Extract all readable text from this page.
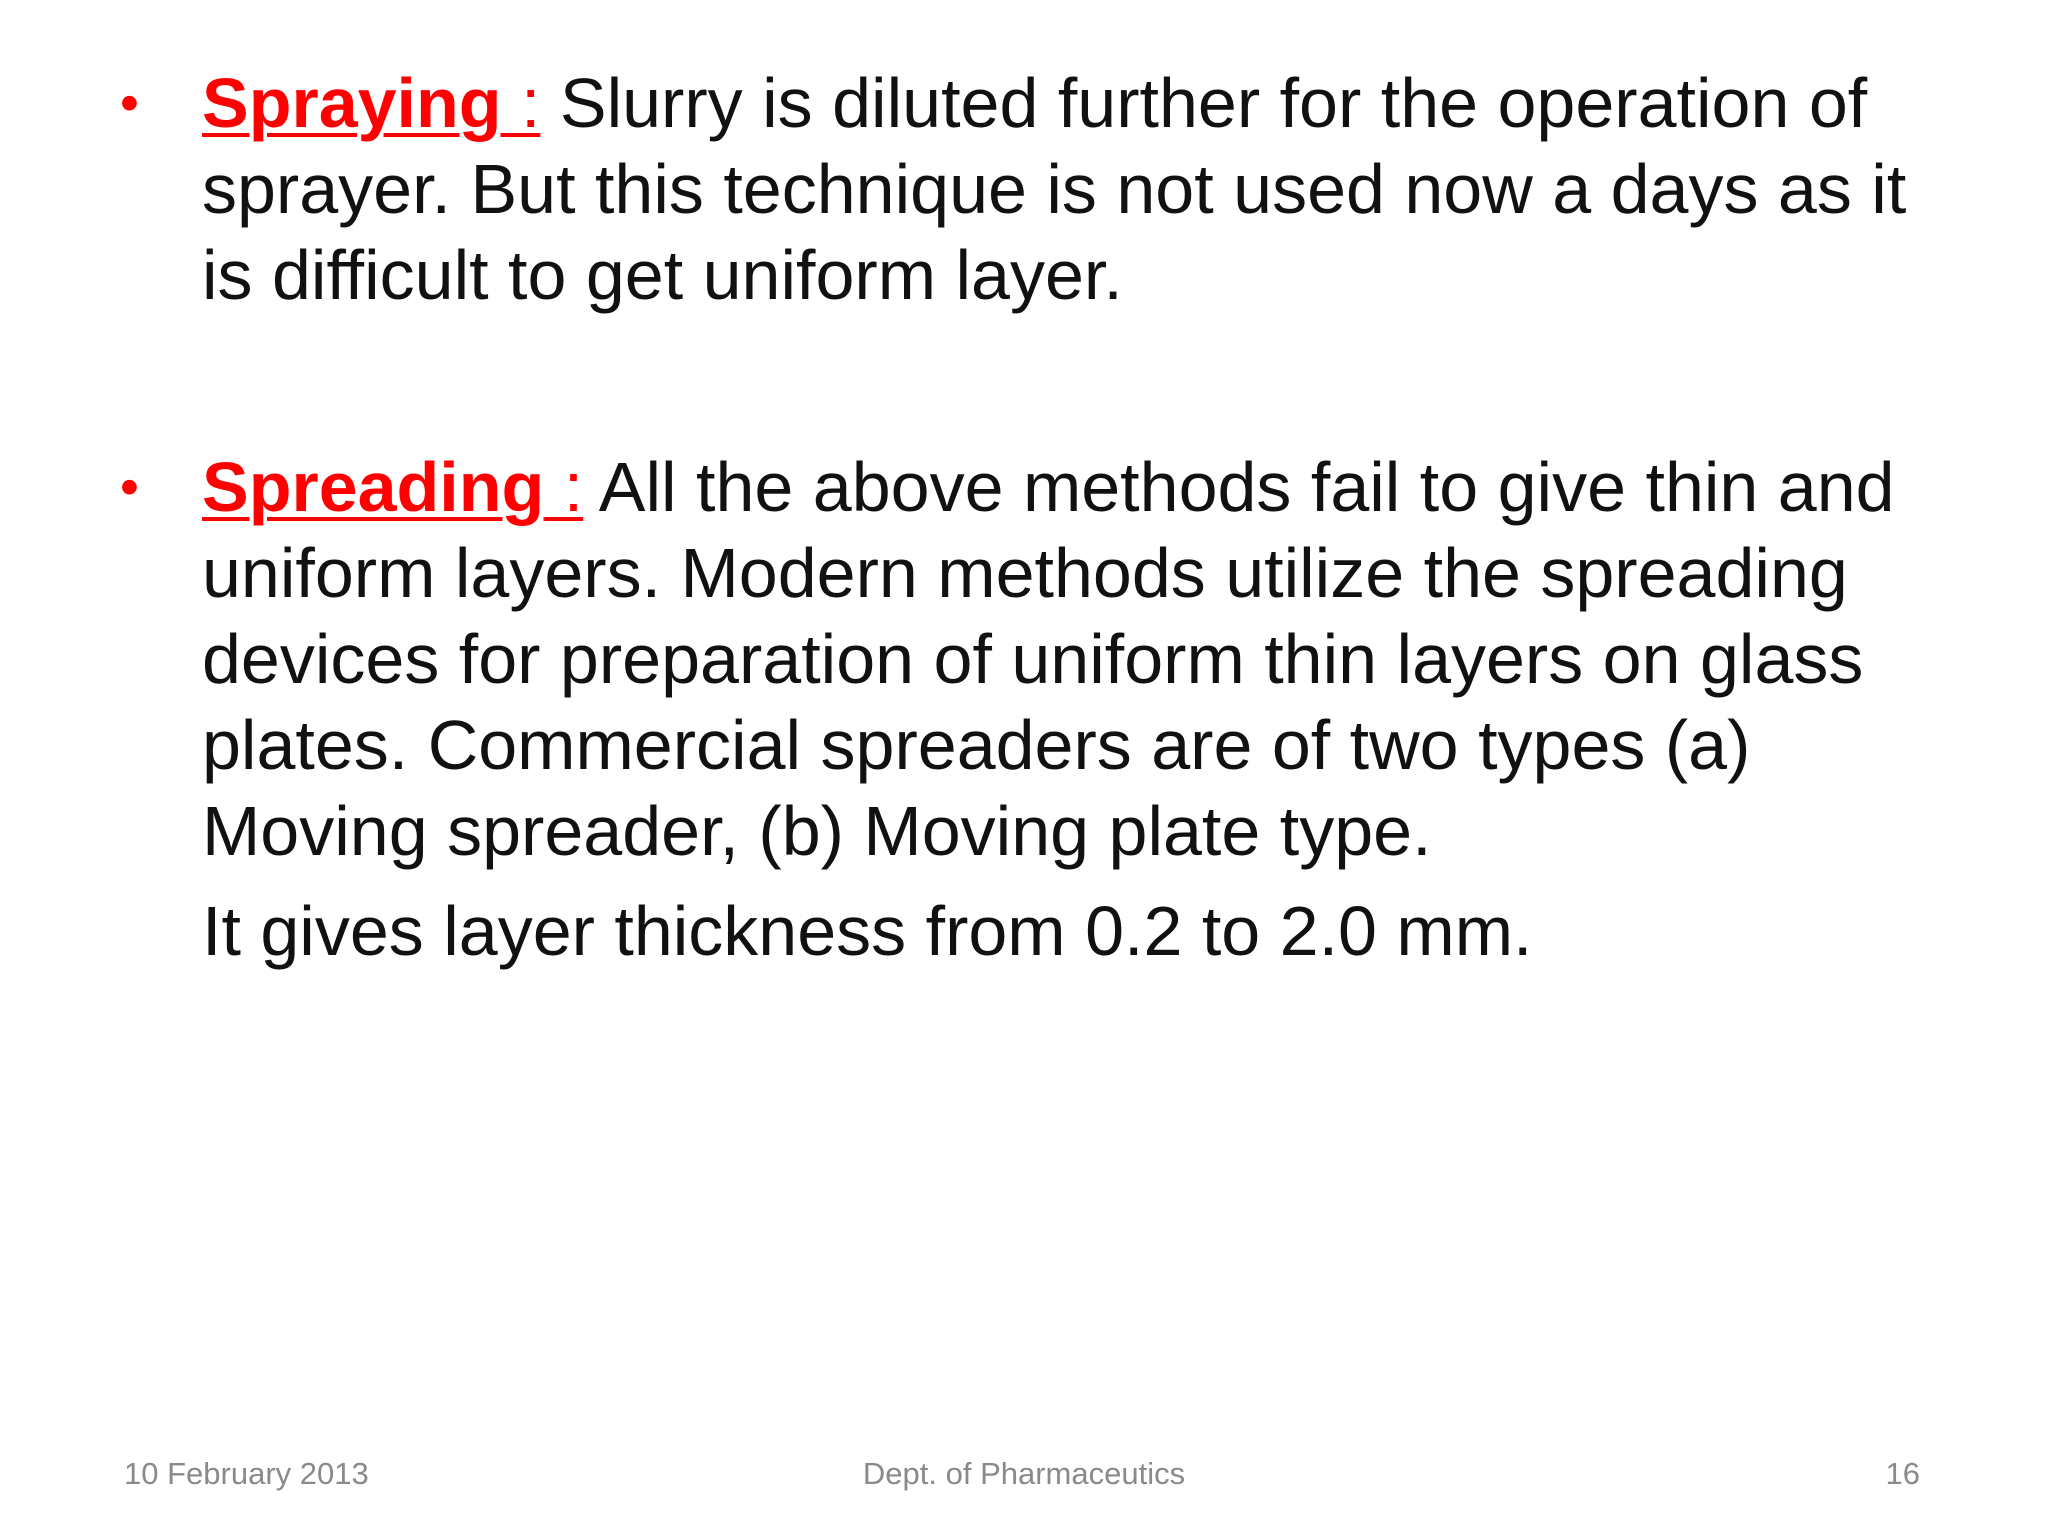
• Spraying : Slurry is diluted further for the operation of sprayer. But this technique is not used now a days as it is difficult to get uniform layer.
• Spreading : All the above methods fail to give thin and uniform layers. Modern methods utilize the spreading devices for preparation of uniform thin layers on glass plates. Commercial spreaders are of two types (a) Moving spreader, (b) Moving plate type.
It gives layer thickness from 0.2 to 2.0 mm.
10 February 2013	Dept. of Pharmaceutics	16
